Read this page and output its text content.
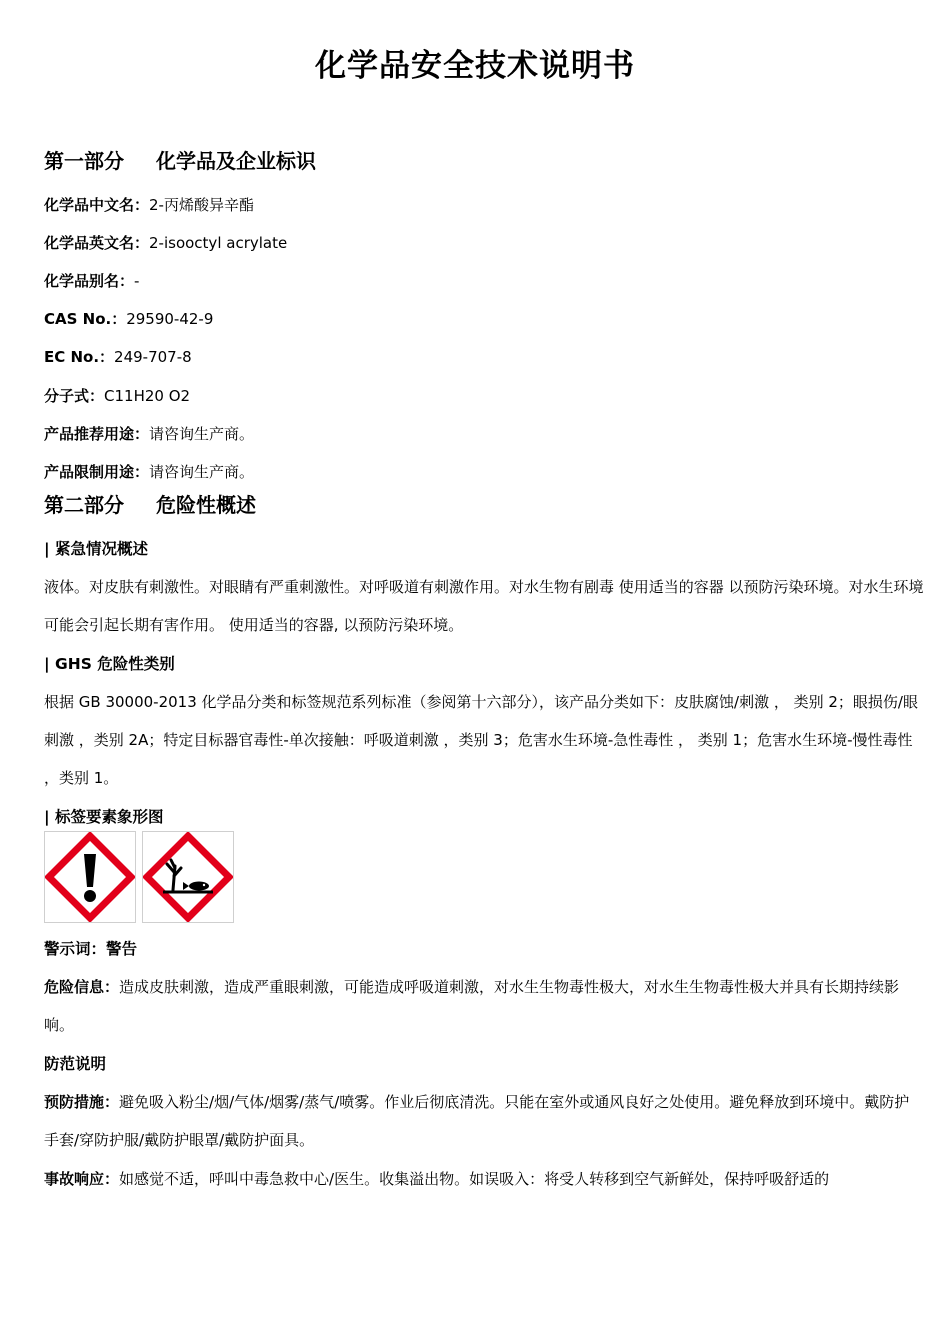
化学品安全技术说明书
第一部分 化学品及企业标识
化学品中文名：2-丙烯酸异辛酯
化学品英文名：2-isooctyl acrylate
化学品别名：-
CAS No.：29590-42-9
EC No.：249-707-8
分子式：C11H20 O2
产品推荐用途：请咨询生产商。
产品限制用途：请咨询生产商。
第二部分 危险性概述
| 紧急情况概述
液体。对皮肤有刺激性。对眼睛有严重刺激性。对呼吸道有刺激作用。对水生物有剧毒 使用适当的容器 以预防污染环境。对水生环境可能会引起长期有害作用。 使用适当的容器, 以预防污染环境。
| GHS 危险性类别
根据 GB 30000-2013 化学品分类和标签规范系列标准（参阅第十六部分），该产品分类如下：皮肤腐蚀/刺激 ， 类别 2；眼损伤/眼刺激 ，类别 2A；特定目标器官毒性-单次接触：呼吸道刺激 ，类别 3；危害水生环境-急性毒性 ， 类别 1；危害水生环境-慢性毒性 ，类别 1。
| 标签要素象形图
警示词：警告
危险信息：造成皮肤刺激，造成严重眼刺激，可能造成呼吸道刺激，对水生生物毒性极大，对水生生物毒性极大并具有长期持续影响。
防范说明
预防措施：避免吸入粉尘/烟/气体/烟雾/蒸气/喷雾。作业后彻底清洗。只能在室外或通风良好之处使用。避免释放到环境中。戴防护手套/穿防护服/戴防护眼罩/戴防护面具。
事故响应：如感觉不适，呼叫中毒急救中心/医生。收集溢出物。如误吸入：将受人转移到空气新鲜处，保持呼吸舒适的
